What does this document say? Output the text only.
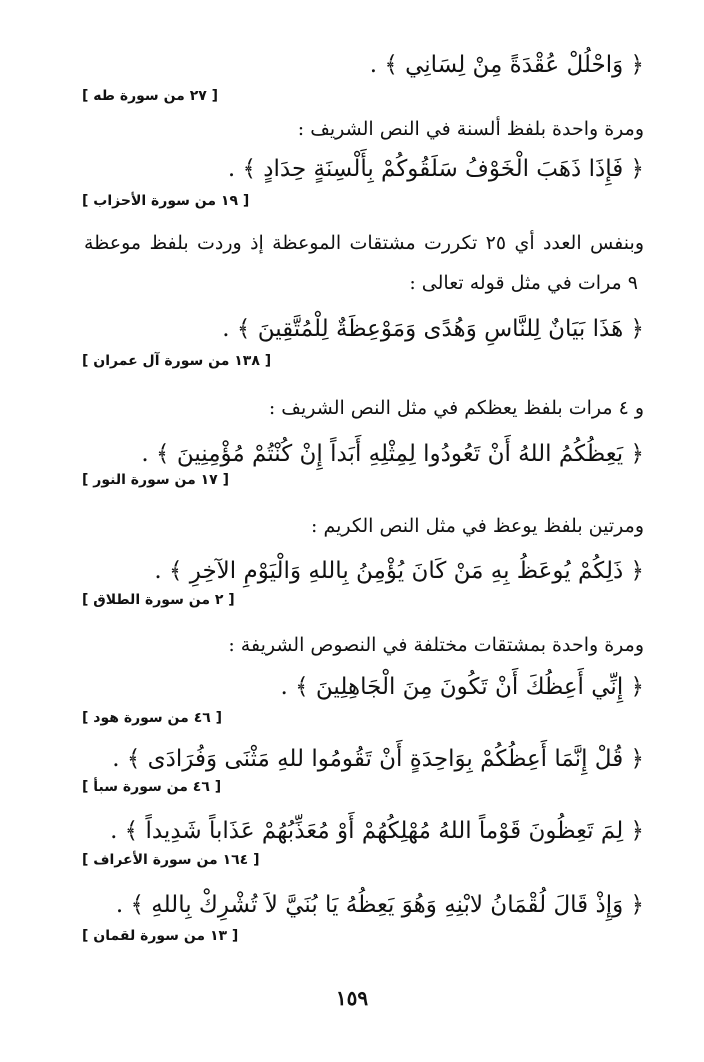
﴿ وَاحْلُلْ عُقْدَةً مِنْ لِسَانِي ﴾ .
[ ٢٧ من سورة طه ]
ومرة واحدة بلفظ ألسنة في النص الشريف :
﴿ فَإِذَا ذَهَبَ الْخَوْفُ سَلَقُوكُمْ بِأَلْسِنَةٍ حِدَادٍ ﴾ .
[ ١٩ من سورة الأحزاب ]
وبنفس العدد أي ٢٥ تكررت مشتقات الموعظة إذ وردت بلفظ موعظة
٩ مرات في مثل قوله تعالى :
﴿ هَذَا بَيَانٌ لِلنَّاسِ وَهُدًى وَمَوْعِظَةٌ لِلْمُتَّقِينَ ﴾ .
[ ١٣٨ من سورة آل عمران ]
و ٤ مرات بلفظ يعظكم في مثل النص الشريف :
﴿ يَعِظُكُمُ اللهُ أَنْ تَعُودُوا لِمِثْلِهِ أَبَداً إِنْ كُنْتُمْ مُؤْمِنِينَ ﴾ .
[ ١٧ من سورة النور ]
ومرتين بلفظ يوعظ في مثل النص الكريم :
﴿ ذَلِكُمْ يُوعَظُ بِهِ مَنْ كَانَ يُؤْمِنُ بِاللهِ وَالْيَوْمِ الآخِرِ ﴾ .
[ ٢ من سورة الطلاق ]
ومرة واحدة بمشتقات مختلفة في النصوص الشريفة :
﴿ إِنِّي أَعِظُكَ أَنْ تَكُونَ مِنَ الْجَاهِلِينَ ﴾ .
[ ٤٦ من سورة هود ]
﴿ قُلْ إِنَّمَا أَعِظُكُمْ بِوَاحِدَةٍ أَنْ تَقُومُوا للهِ مَثْنَى وَفُرَادَى ﴾ .
[ ٤٦ من سورة سبأ ]
﴿ لِمَ تَعِظُونَ قَوْماً اللهُ مُهْلِكُهُمْ أَوْ مُعَذِّبُهُمْ عَذَاباً شَدِيداً ﴾ .
[ ١٦٤ من سورة الأعراف ]
﴿ وَإِذْ قَالَ لُقْمَانُ لابْنِهِ وَهُوَ يَعِظُهُ يَا بُنَيَّ لاَ تُشْرِكْ بِاللهِ ﴾ .
[ ١٣ من سورة لقمان ]
١٥٩
